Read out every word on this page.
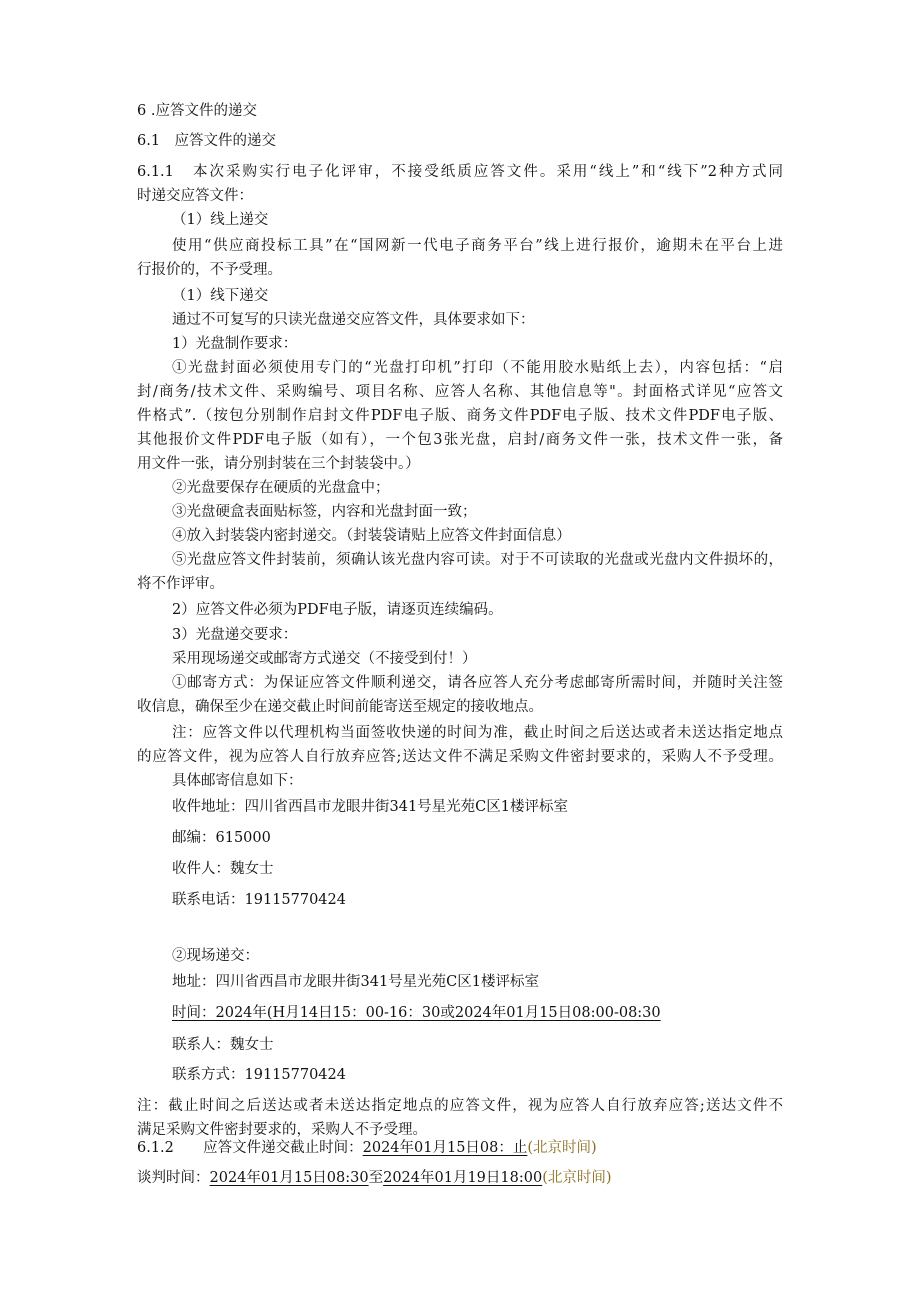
6 .应答文件的递交
6.1　应答文件的递交
6.1.1 本次采购实行电子化评审，不接受纸质应答文件。采用“线上”和“线下”2种方式同
时递交应答文件：
（1）线上递交
使用“供应商投标工具”在“国网新一代电子商务平台”线上进行报价，逾期未在平台上进
行报价的，不予受理。
（1）线下递交
通过不可复写的只读光盘递交应答文件，具体要求如下：
1）光盘制作要求：
①光盘封面必须使用专门的“光盘打印机”打印（不能用胶水贴纸上去），内容包括：“启
封/商务/技术文件、采购编号、项目名称、应答人名称、其他信息等"。封面格式详见“应答文
件格式”.（按包分别制作启封文件PDF电子版、商务文件PDF电子版、技术文件PDF电子版、
其他报价文件PDF电子版（如有），一个包3张光盘，启封/商务文件一张，技术文件一张，备
用文件一张，请分别封装在三个封装袋中。）
②光盘要保存在硬质的光盘盒中；
③光盘硬盒表面贴标签，内容和光盘封面一致；
④放入封装袋内密封递交。（封装袋请贴上应答文件封面信息）
⑤光盘应答文件封装前，须确认该光盘内容可读。对于不可读取的光盘或光盘内文件损坏的，
将不作评审。
2）应答文件必须为PDF电子版，请逐页连续编码。
3）光盘递交要求：
采用现场递交或邮寄方式递交（不接受到付！）
①邮寄方式：为保证应答文件顺利递交，请各应答人充分考虑邮寄所需时间，并随时关注签
收信息，确保至少在递交截止时间前能寄送至规定的接收地点。
注：应答文件以代理机构当面签收快递的时间为准，截止时间之后送达或者未送达指定地点
的应答文件，视为应答人自行放弃应答;送达文件不满足采购文件密封要求的，采购人不予受理。
具体邮寄信息如下：
收件地址：四川省西昌市龙眼井街341号星光苑C区1楼评标室
邮编：615000
收件人：魏女士
联系电话：19115770424
②现场递交：
地址：四川省西昌市龙眼井街341号星光苑C区1楼评标室
时间：2024年(H月14日15：00-16：30或2024年01月15日08:00-08:30
联系人：魏女士
联系方式：19115770424
注：截止时间之后送达或者未送达指定地点的应答文件，视为应答人自行放弃应答;送达文件不
满足采购文件密封要求的，采购人不予受理。
6.1.2 应答文件递交截止时间：2024年01月15日08：止(北京时间)
谈判时间：2024年01月15日08:30至2024年01月19日18:00(北京时间)
